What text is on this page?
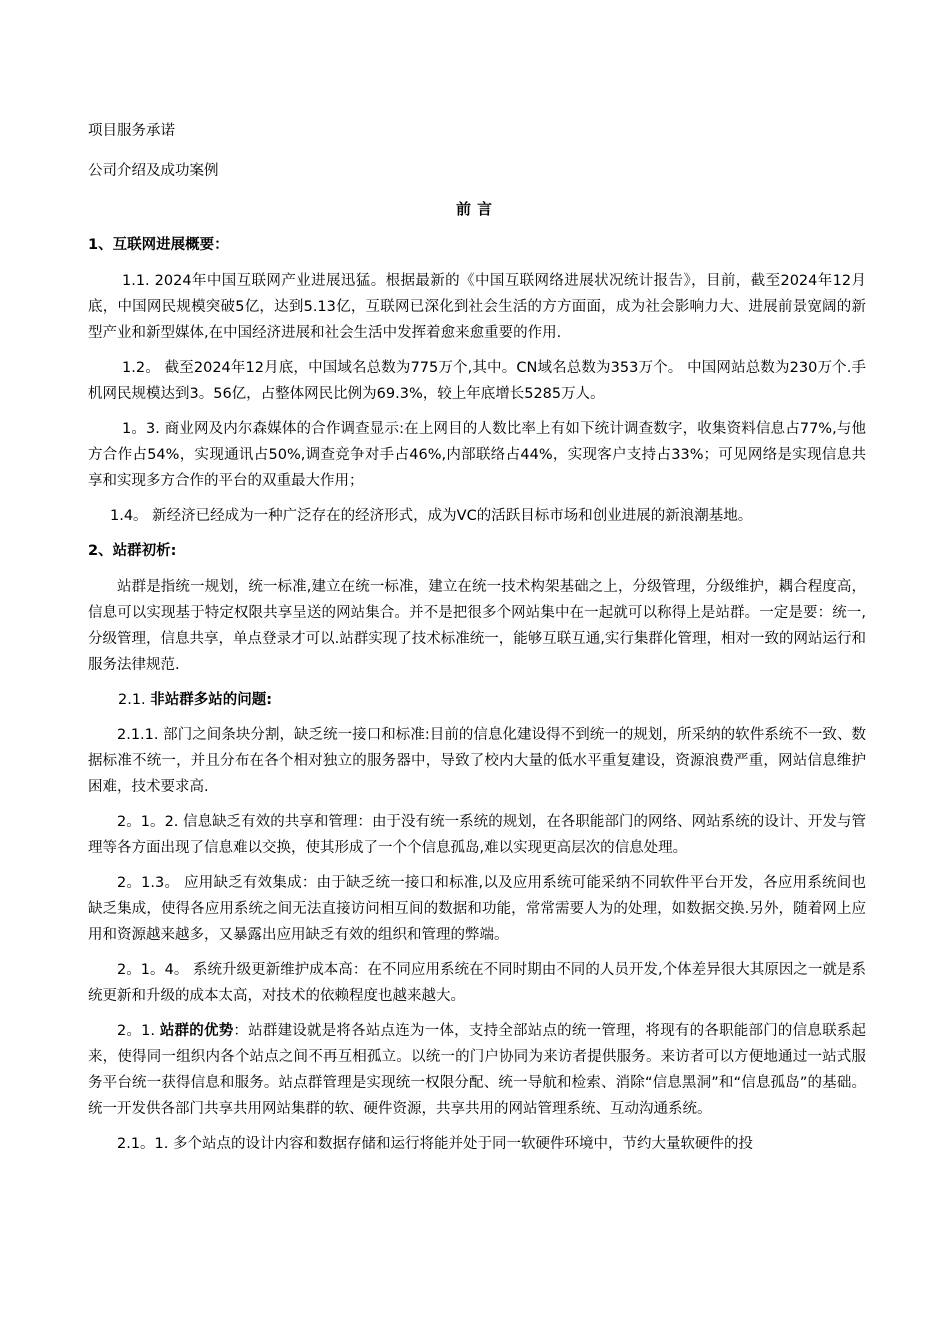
项目服务承诺

公司介绍及成功案例

前言

1、互联网进展概要：

1.1. 2024年中国互联网产业进展迅猛。根据最新的《中国互联网络进展状况统计报告》，目前，截至2024年12月底，中国网民规模突破5亿，达到5.13亿，互联网已深化到社会生活的方方面面，成为社会影响力大、进展前景宽阔的新型产业和新型媒体,在中国经济进展和社会生活中发挥着愈来愈重要的作用.

1.2。 截至2024年12月底，中国域名总数为775万个,其中。CN域名总数为353万个。 中国网站总数为230万个.手机网民规模达到3。56亿，占整体网民比例为69.3%，较上年底增长5285万人。

1。3. 商业网及内尔森媒体的合作调查显示:在上网目的人数比率上有如下统计调查数字，收集资料信息占77%,与他方合作占54%，实现通讯占50%,调查竞争对手占46%,内部联络占44%，实现客户支持占33%；可见网络是实现信息共享和实现多方合作的平台的双重最大作用；

1.4。 新经济已经成为一种广泛存在的经济形式，成为VC的活跃目标市场和创业进展的新浪潮基地。

2、站群初析:

站群是指统一规划，统一标准,建立在统一标准，建立在统一技术构架基础之上，分级管理，分级维护，耦合程度高，信息可以实现基于特定权限共享呈送的网站集合。并不是把很多个网站集中在一起就可以称得上是站群。一定是要：统一,分级管理，信息共享，单点登录才可以.站群实现了技术标准统一，能够互联互通,实行集群化管理，相对一致的网站运行和服务法律规范.

2.1. 非站群多站的问题:

2.1.1. 部门之间条块分割，缺乏统一接口和标准:目前的信息化建设得不到统一的规划，所采纳的软件系统不一致、数据标准不统一，并且分布在各个相对独立的服务器中，导致了校内大量的低水平重复建设，资源浪费严重，网站信息维护困难，技术要求高.

2。1。2. 信息缺乏有效的共享和管理：由于没有统一系统的规划，在各职能部门的网络、网站系统的设计、开发与管理等各方面出现了信息难以交换，使其形成了一个个信息孤岛,难以实现更高层次的信息处理。

2。1.3。 应用缺乏有效集成：由于缺乏统一接口和标准,以及应用系统可能采纳不同软件平台开发，各应用系统间也缺乏集成，使得各应用系统之间无法直接访问相互间的数据和功能，常常需要人为的处理，如数据交换.另外，随着网上应用和资源越来越多，又暴露出应用缺乏有效的组织和管理的弊端。

2。1。4。 系统升级更新维护成本高：在不同应用系统在不同时期由不同的人员开发,个体差异很大其原因之一就是系统更新和升级的成本太高，对技术的依赖程度也越来越大。

2。1. 站群的优势：站群建设就是将各站点连为一体，支持全部站点的统一管理，将现有的各职能部门的信息联系起来，使得同一组织内各个站点之间不再互相孤立。以统一的门户协同为来访者提供服务。来访者可以方便地通过一站式服务平台统一获得信息和服务。站点群管理是实现统一权限分配、统一导航和检索、消除“信息黑洞”和“信息孤岛”的基础。统一开发供各部门共享共用网站集群的软、硬件资源，共享共用的网站管理系统、互动沟通系统。

2.1。1. 多个站点的设计内容和数据存储和运行将能并处于同一软硬件环境中，节约大量软硬件的投
